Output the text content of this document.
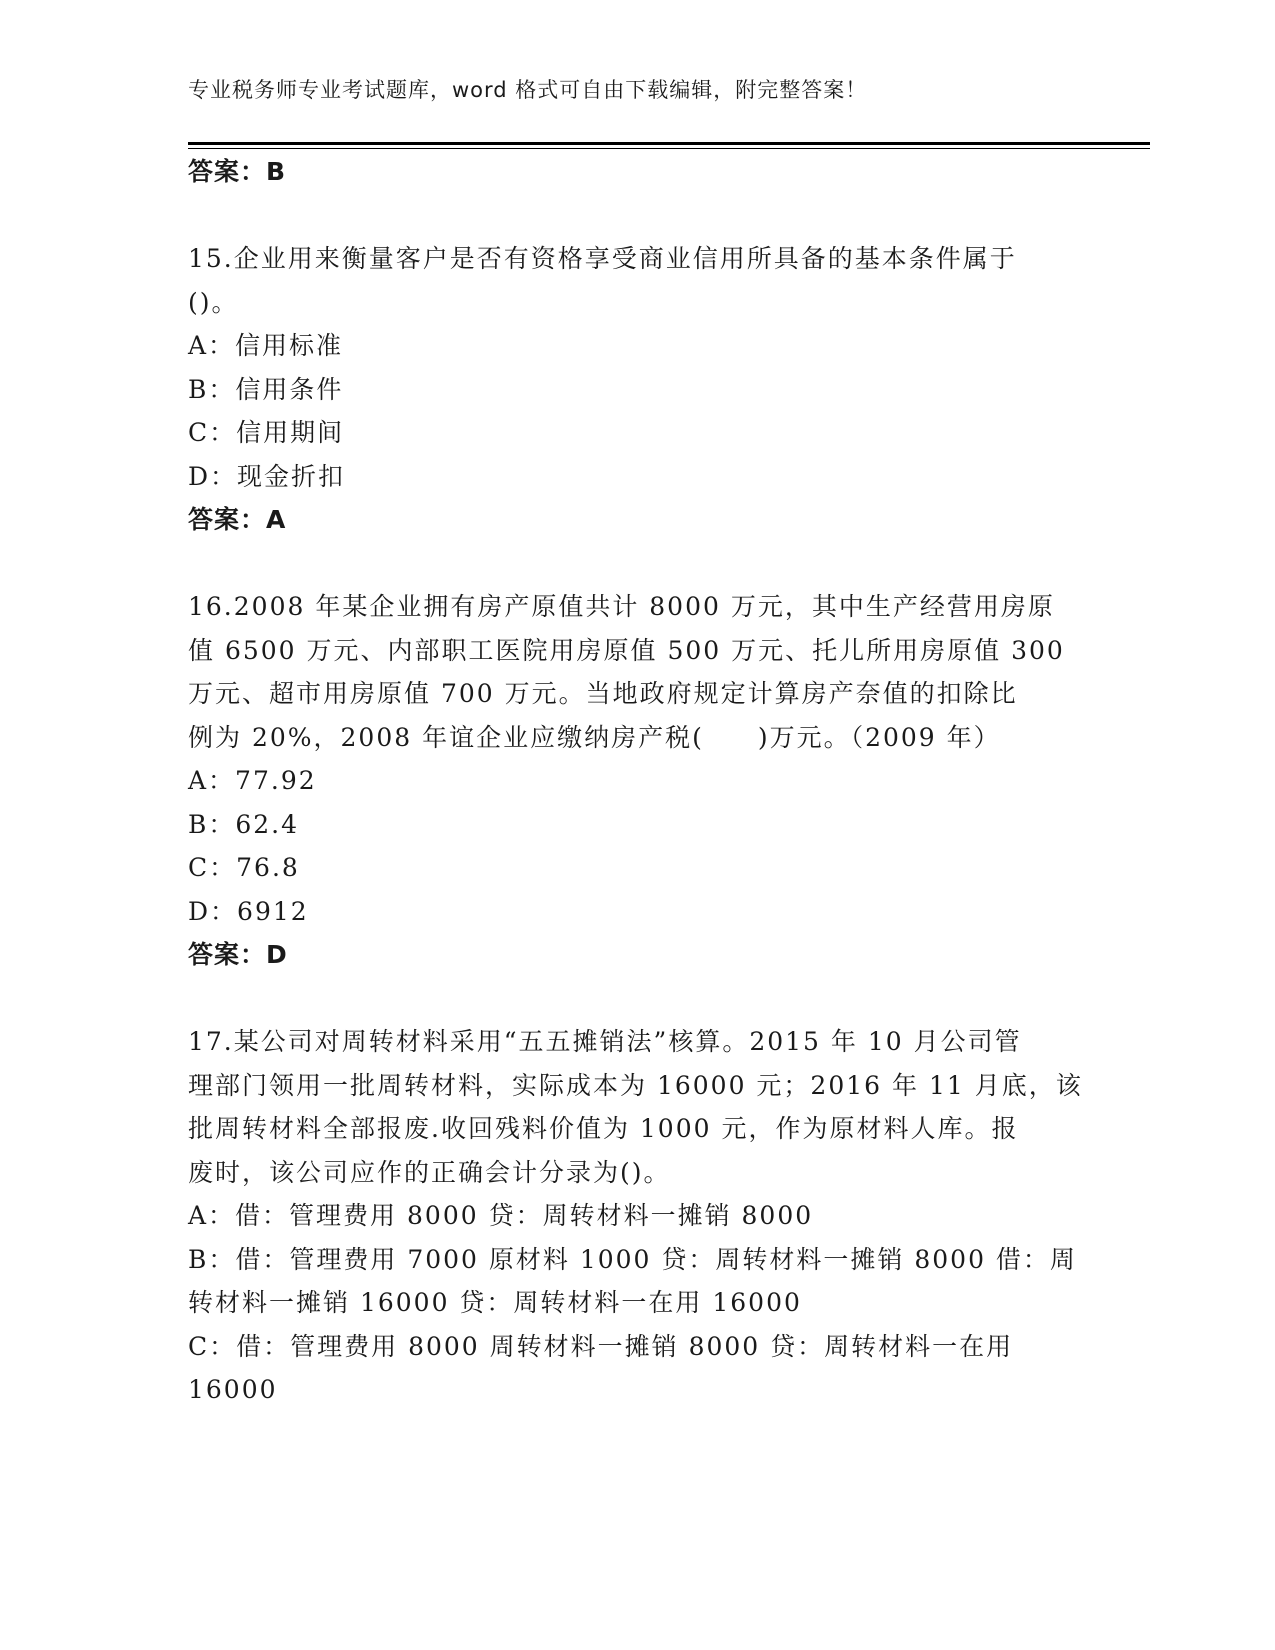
专业税务师专业考试题库，word 格式可自由下载编辑，附完整答案！
答案：B
15.企业用来衡量客户是否有资格享受商业信用所具备的基本条件属于
()。
A：信用标准
B：信用条件
C：信用期间
D：现金折扣
答案：A
16.2008 年某企业拥有房产原值共计 8000 万元，其中生产经营用房原
值 6500 万元、内部职工医院用房原值 500 万元、托儿所用房原值 300
万元、超市用房原值 700 万元。当地政府规定计算房产奈值的扣除比
例为 20%，2008 年谊企业应缴纳房产税(　　)万元。（2009 年）
A：77.92
B：62.4
C：76.8
D：6912
答案：D
17.某公司对周转材料采用“五五摊销法”核算。2015 年 10 月公司管
理部门领用一批周转材料，实际成本为 16000 元；2016 年 11 月底，该
批周转材料全部报废.收回残料价值为 1000 元，作为原材料人库。报
废时，该公司应作的正确会计分录为()。
A：借：管理费用 8000 贷：周转材料一摊销 8000
B：借：管理费用 7000 原材料 1000 贷：周转材料一摊销 8000 借：周
转材料一摊销 16000 贷：周转材料一在用 16000
C：借：管理费用 8000 周转材料一摊销 8000 贷：周转材料一在用
16000
